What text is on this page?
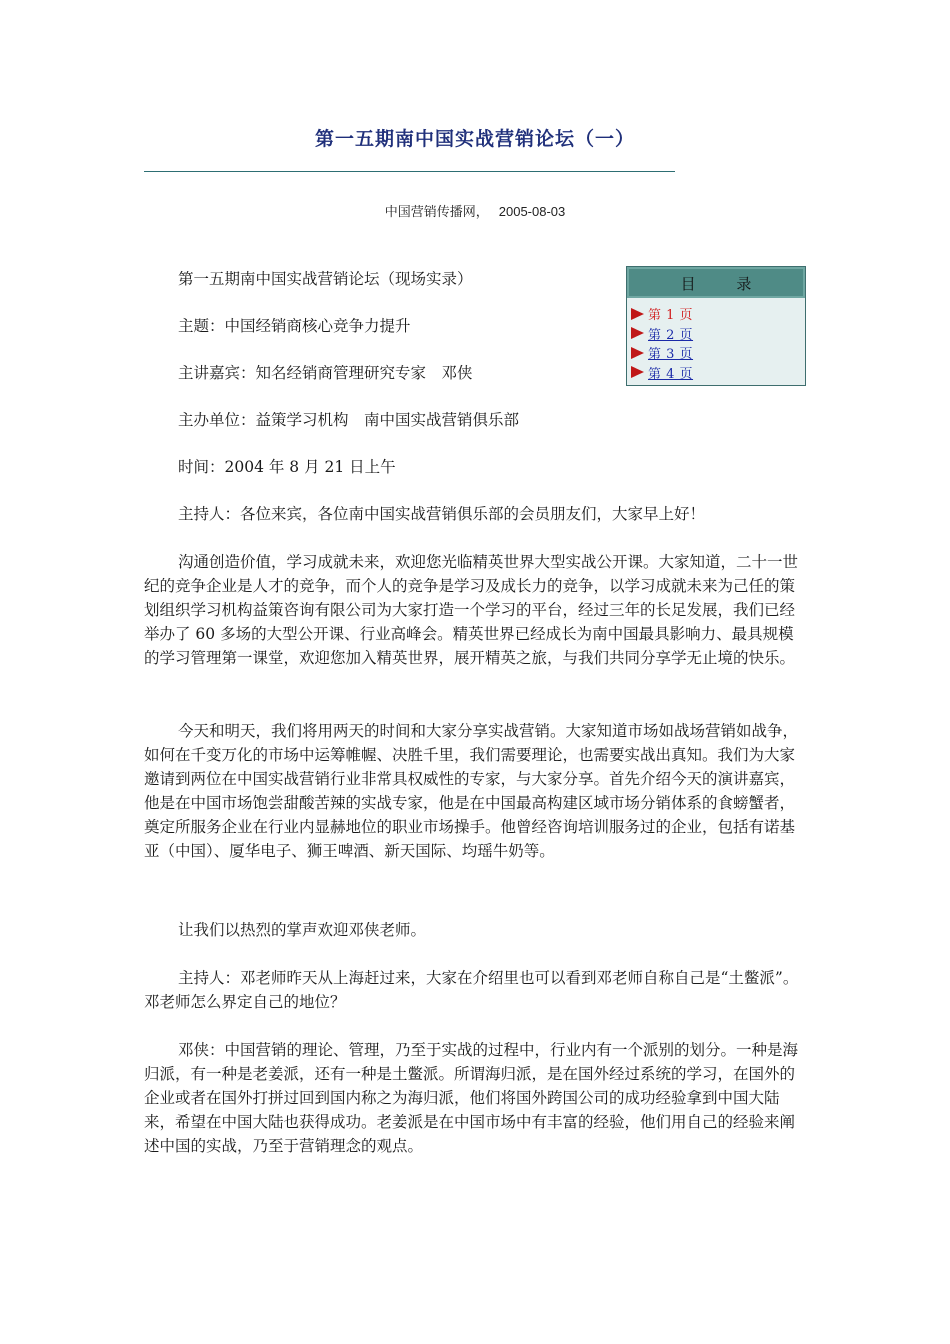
第一五期南中国实战营销论坛（一）
中国营销传播网， 2005-08-03
目 录
第 1 页
第 2 页
第 3 页
第 4 页

第一五期南中国实战营销论坛（现场实录）

主题：中国经销商核心竞争力提升

主讲嘉宾：知名经销商管理研究专家　邓侠

主办单位：益策学习机构　南中国实战营销俱乐部

时间：2004 年 8 月 21 日上午

主持人：各位来宾，各位南中国实战营销俱乐部的会员朋友们，大家早上好！

沟通创造价值，学习成就未来，欢迎您光临精英世界大型实战公开课。大家知道，二十一世纪的竞争企业是人才的竞争，而个人的竞争是学习及成长力的竞争，以学习成就未来为己任的策划组织学习机构益策咨询有限公司为大家打造一个学习的平台，经过三年的长足发展，我们已经举办了 60 多场的大型公开课、行业高峰会。精英世界已经成长为南中国最具影响力、最具规模的学习管理第一课堂，欢迎您加入精英世界，展开精英之旅，与我们共同分享学无止境的快乐。

今天和明天，我们将用两天的时间和大家分享实战营销。大家知道市场如战场营销如战争，如何在千变万化的市场中运筹帷幄、决胜千里，我们需要理论，也需要实战出真知。我们为大家邀请到两位在中国实战营销行业非常具权威性的专家，与大家分享。首先介绍今天的演讲嘉宾，他是在中国市场饱尝甜酸苦辣的实战专家，他是在中国最高构建区域市场分销体系的食螃蟹者，奠定所服务企业在行业内显赫地位的职业市场操手。他曾经咨询培训服务过的企业，包括有诺基亚（中国）、厦华电子、狮王啤酒、新天国际、均瑶牛奶等。

让我们以热烈的掌声欢迎邓侠老师。

主持人：邓老师昨天从上海赶过来，大家在介绍里也可以看到邓老师自称自己是“土鳖派”。邓老师怎么界定自己的地位？

邓侠：中国营销的理论、管理，乃至于实战的过程中，行业内有一个派别的划分。一种是海归派，有一种是老姜派，还有一种是土鳖派。所谓海归派，是在国外经过系统的学习，在国外的企业或者在国外打拼过回到国内称之为海归派，他们将国外跨国公司的成功经验拿到中国大陆来，希望在中国大陆也获得成功。老姜派是在中国市场中有丰富的经验，他们用自己的经验来阐述中国的实战，乃至于营销理念的观点。
